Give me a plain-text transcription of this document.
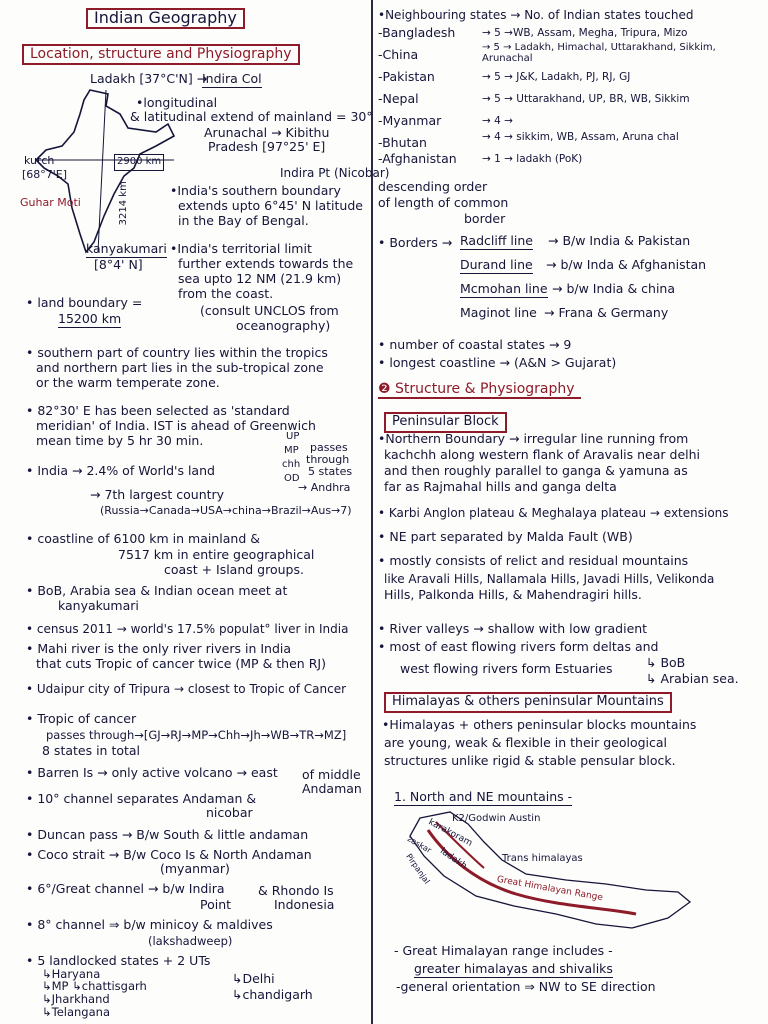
Indian Geography
Location, structure and Physiography
Ladakh [37°C'N] →
Indira Col
•longitudinal
& latitudinal extend of mainland = 30°
Arunachal → Kibithu
Pradesh [97°25' E]
kutch
[68°7'E]
Guhar Moti
2900 km
3214 km
Indira Pt (Nicobar)
kanyakumari
[8°4' N]
•India's southern boundary
extends upto 6°45' N latitude
in the Bay of Bengal.
•India's territorial limit
further extends towards the
sea upto 12 NM (21.9 km)
from the coast.
(consult UNCLOS from
oceanography)
• land boundary =
15200 km
• southern part of country lies within the tropics
and northern part lies in the sub-tropical zone
or the warm temperate zone.
• 82°30' E has been selected as 'standard
meridian' of India. IST is ahead of Greenwich
mean time by 5 hr 30 min.	UP
MP
chh
OD
passes
through
5 states
→ Andhra
• India → 2.4% of World's land
→ 7th largest country
(Russia→Canada→USA→china→Brazil→Aus→7)
• coastline of 6100 km in mainland &
7517 km in entire geographical
coast + Island groups.
• BoB, Arabia sea & Indian ocean meet at
kanyakumari
• census 2011 → world's 17.5% populat° liver in India
• Mahi river is the only river rivers in India
that cuts Tropic of cancer twice (MP & then RJ)
• Udaipur city of Tripura → closest to Tropic of Cancer
• Tropic of cancer
passes through→[GJ→RJ→MP→Chh→Jh→WB→TR→MZ]
8 states in total
• Barren Is → only active volcano → east of middle
Andaman
• 10° channel separates Andaman &
nicobar
• Duncan pass → B/w South & little andaman
• Coco strait → B/w Coco Is & North Andaman
(myanmar)
• 6°/Great channel → b/w Indira	& Rhondo Is
Point	Indonesia
• 8° channel ⇒ b/w minicoy & maldives
(lakshadweep)
• 5 landlocked states + 2 UTs
↳Haryana
↳MP ↳chattisgarh
↳Jharkhand
↳Telangana
↳Delhi
↳chandigarh
•Neighbouring states → No. of Indian states touched
-Bangladesh	→ 5 →WB, Assam, Megha, Tripura, Mizo
-China	→ 5 → Ladakh, Himachal, Uttarakhand, Sikkim, Arunachal
-Pakistan	→ 5 → J&K, Ladakh, PJ, RJ, GJ
-Nepal	→ 5 → Uttarakhand, UP, BR, WB, Sikkim
-Myanmar	→ 4 →
-Bhutan	→ 4 → sikkim, WB, Assam, Aruna chal
-Afghanistan → 1 → ladakh (PoK)
descending order
of length of common
border
• Borders → Radcliff line → B/w India & Pakistan
Durand line → b/w Inda & Afghanistan
Mcmohan line → b/w India & china
Maginot line → Frana & Germany
• number of coastal states → 9
• longest coastline → (A&N > Gujarat)
❷ Structure & Physiography
Peninsular Block
•Northern Boundary → irregular line running from
kachchh along western flank of Aravalis near delhi
and then roughly parallel to ganga & yamuna as
far as Rajmahal hills and ganga delta
• Karbi Anglon plateau & Meghalaya plateau → extensions
• NE part separated by Malda Fault (WB)
• mostly consists of relict and residual mountains
like Aravali Hills, Nallamala Hills, Javadi Hills, Velikonda
Hills, Palkonda Hills, & Mahendragiri hills.
• River valleys → shallow with low gradient
• most of east flowing rivers form deltas and
west flowing rivers form Estuaries	↳ BoB
↳ Arabian sea.
Himalayas & others peninsular Mountains
•Himalayas + others peninsular blocks mountains
are young, weak & flexible in their geological
structures unlike rigid & stable pensular block.
1. North and NE mountains -
K2/Godwin Austin
karakoram
ladakh
zaskar
Pirpanjal	Trans himalayas
Great Himalayan Range
- Great Himalayan range includes -
greater himalayas and shivaliks
-general orientation ⇒ NW to SE direction
